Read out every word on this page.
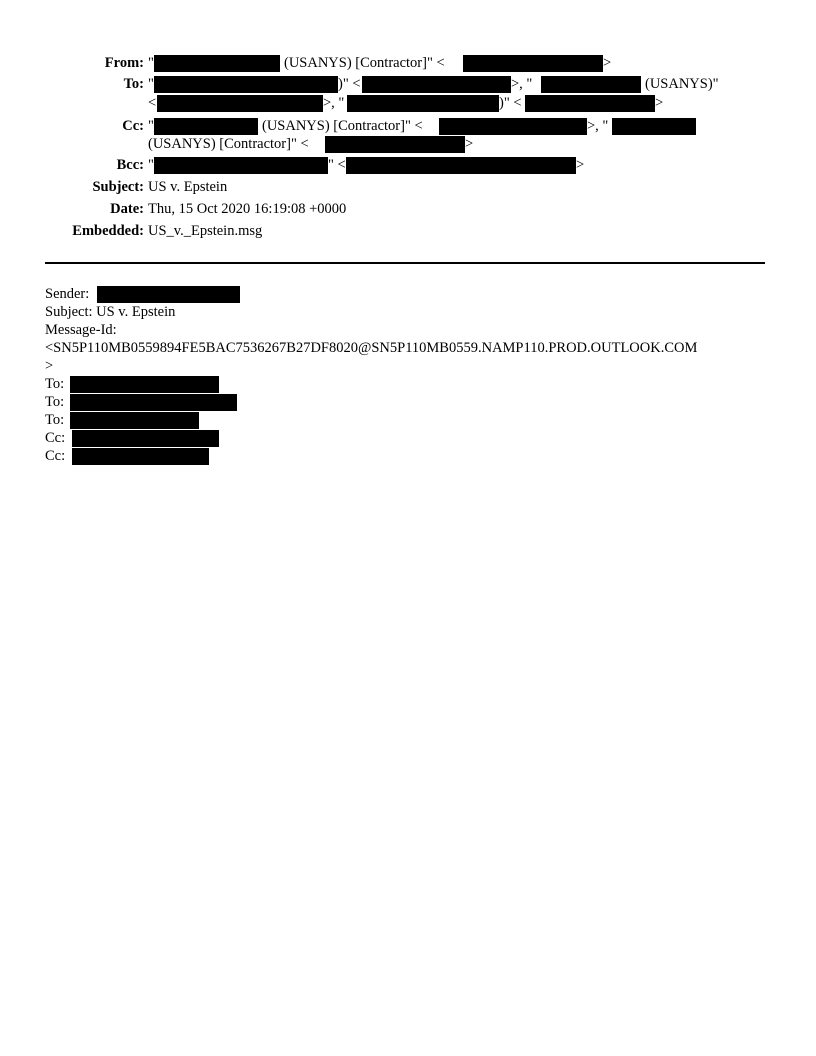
From: "	(USANYS) [Contractor]" <	>
To: "	)" <	>, "	(USANYS)"
<	>, "	)" <	>
Cc: "	(USANYS) [Contractor]" <	>, "
(USANYS) [Contractor]" <	>
Bcc: "	" <	>
Subject: US v. Epstein
Date: Thu, 15 Oct 2020 16:19:08 +0000
Embedded: US_v._Epstein.msg
Sender:
Subject: US v. Epstein
Message-Id:
<SN5P110MB0559894FE5BAC7536267B27DF8020@SN5P110MB0559.NAMP110.PROD.OUTLOOK.COM
>
To:
To:
To:
Cc:
Cc:
